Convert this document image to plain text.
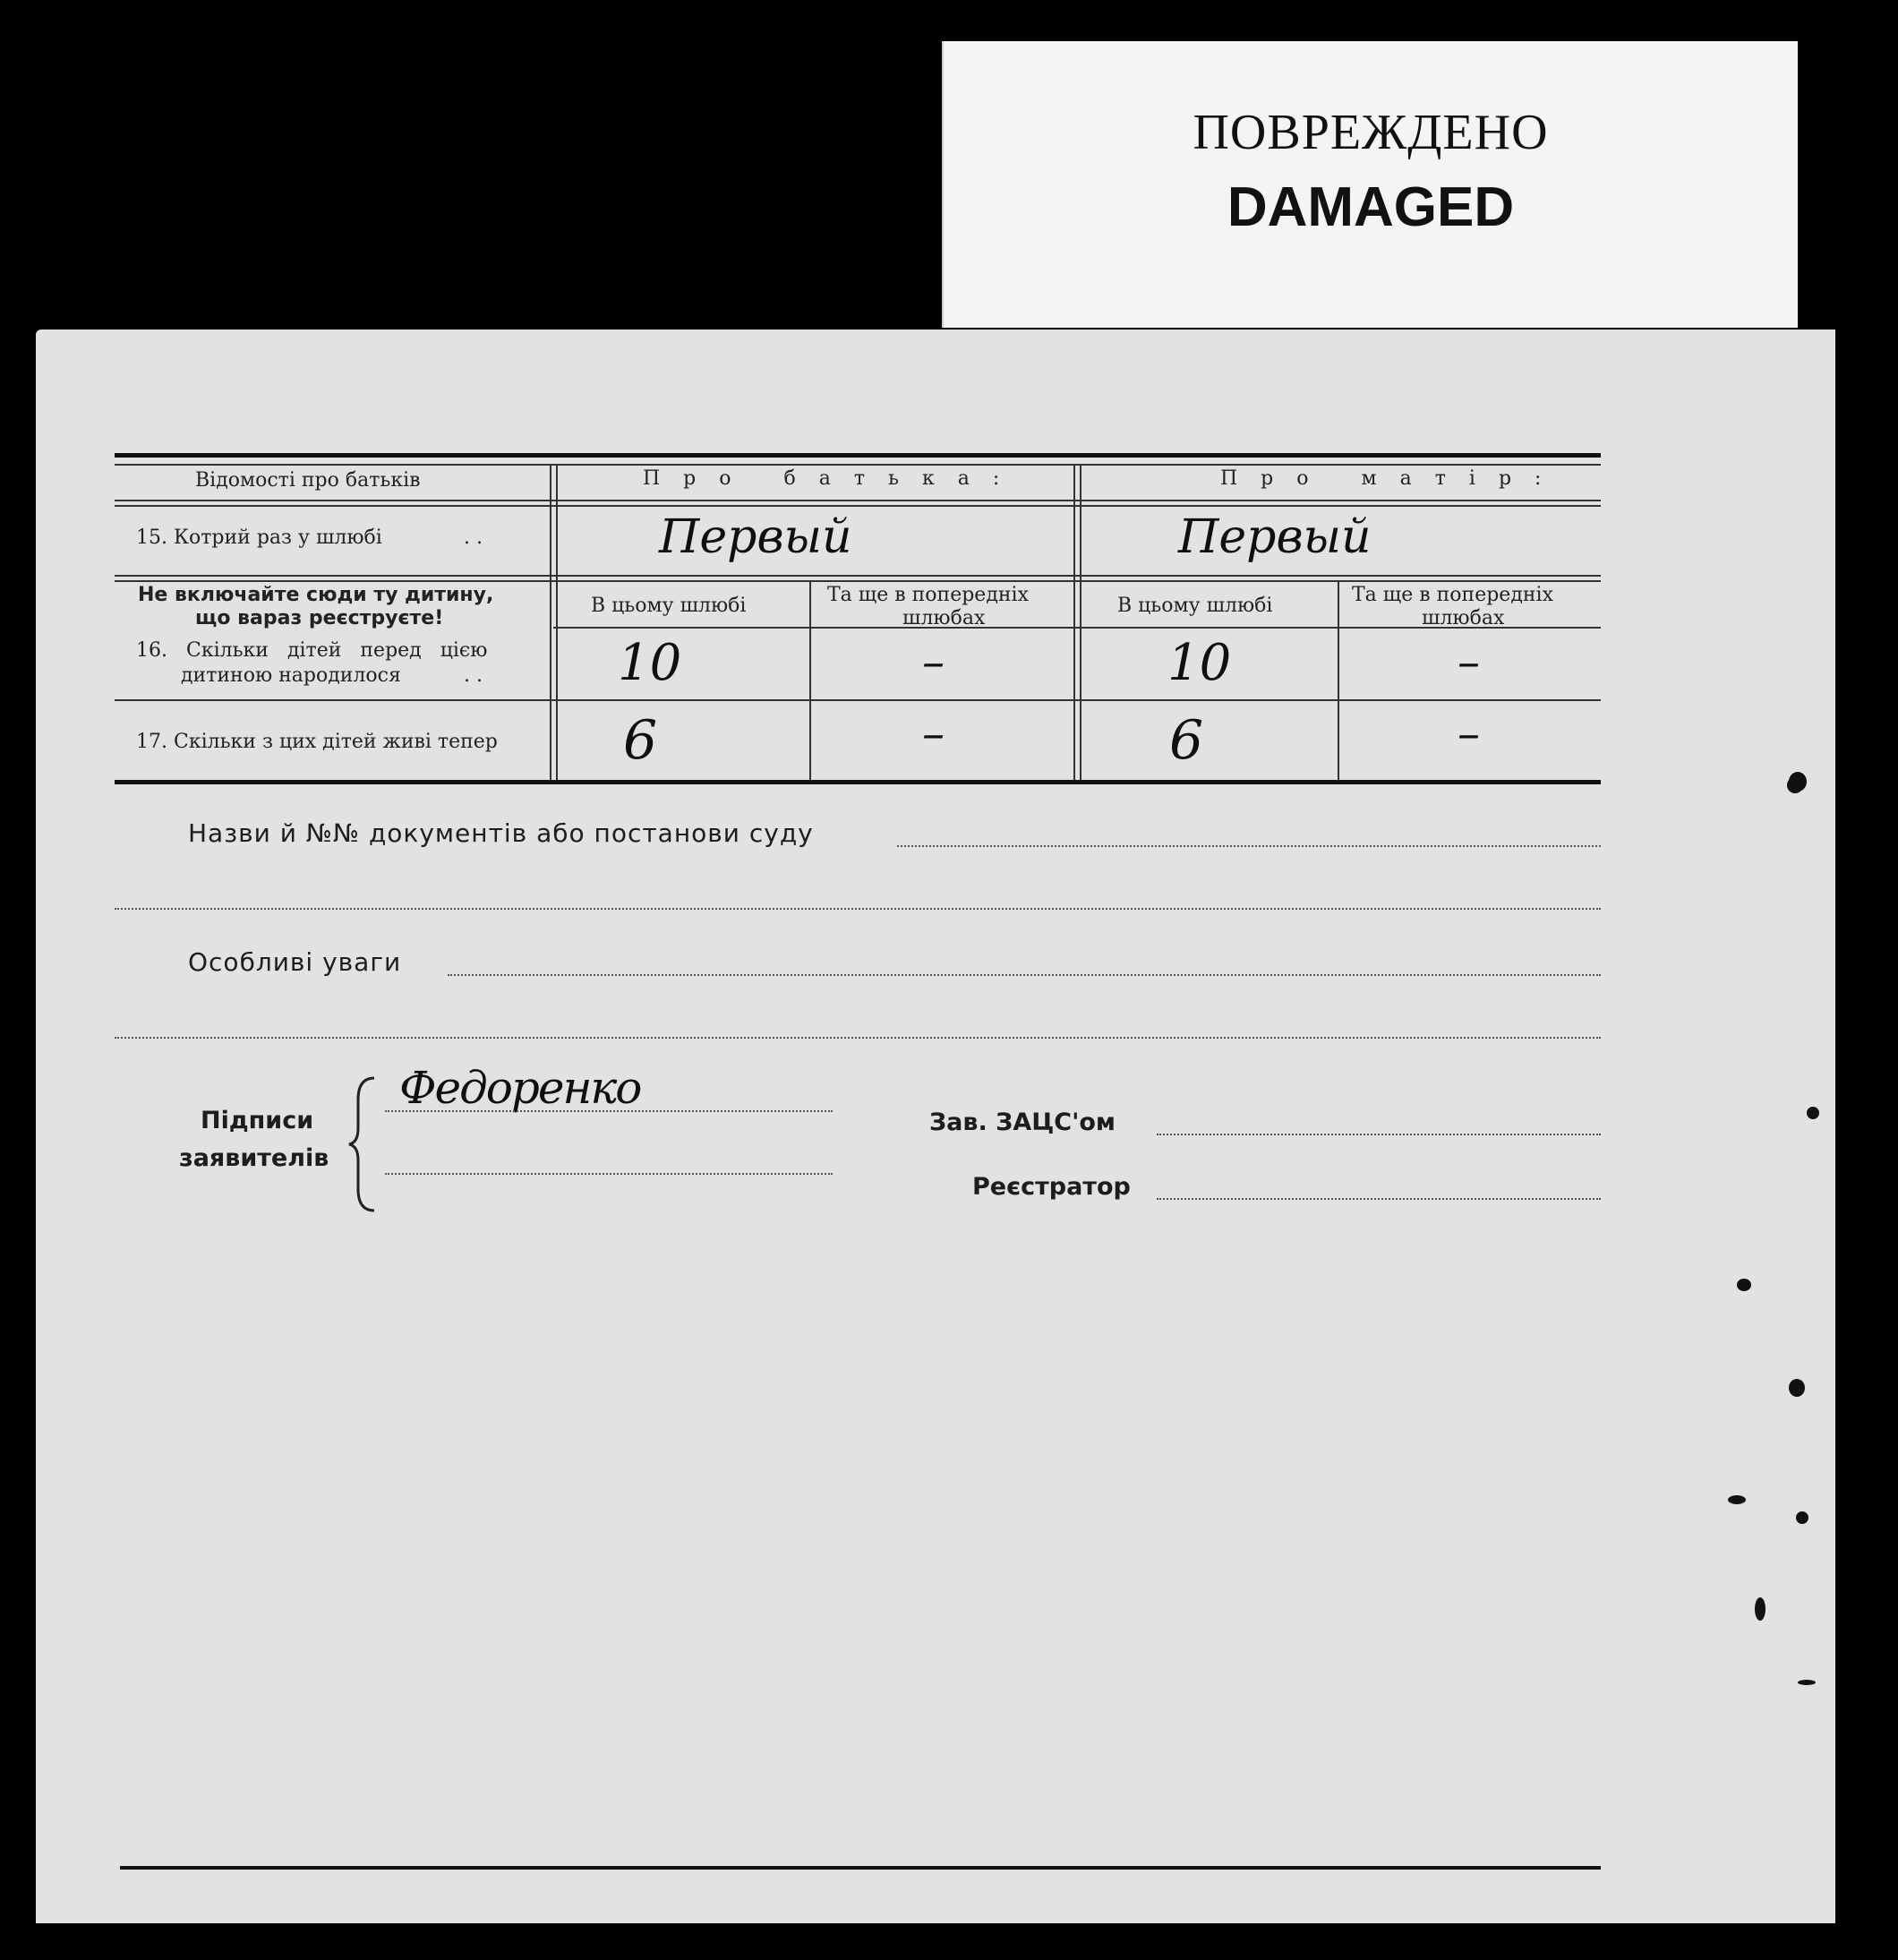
ПОВРЕЖДЕНО
DAMAGED
Відомості про батьків	Про батька:	Про матір:
15. Котрий раз у шлюбі	. .	Первый	Первый
Не включайте сюди ту дитину,
що вараз реєструєте!
В цьому шлюбі	Та ще в попередніх
шлюбах
В цьому шлюбі	Та ще в попередніх
шлюбах
16. Скільки дітей перед цією
дитиною народилося	. .	10	–	10	–
17. Скільки з цих дітей живі тепер 6	–	6	–
Назви й №№ документів або постанови суду
Особливі уваги
Підписи
заявителів
Федоренко
Зав. ЗАЦС'ом
Реєстратор
